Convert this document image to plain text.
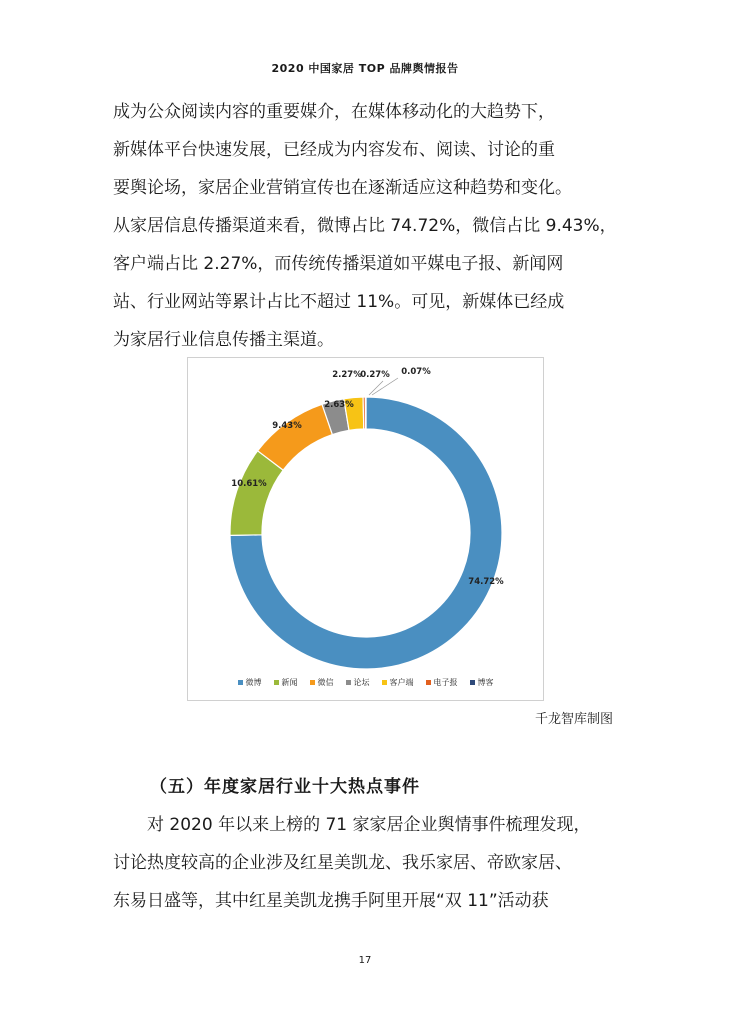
2020 中国家居 TOP 品牌舆情报告
成为公众阅读内容的重要媒介，在媒体移动化的大趋势下，
新媒体平台快速发展，已经成为内容发布、阅读、讨论的重
要舆论场，家居企业营销宣传也在逐渐适应这种趋势和变化。
从家居信息传播渠道来看，微博占比 74.72%，微信占比 9.43%，
客户端占比 2.27%，而传统传播渠道如平媒电子报、新闻网
站、行业网站等累计占比不超过 11%。可见，新媒体已经成
为家居行业信息传播主渠道。
74.72%
10.61%
9.43%
2.63%
2.27%
0.27% 0.07%
微博	新闻	微信	论坛	客户端	电子报	博客
千龙智库制图
（五）年度家居行业十大热点事件
对 2020 年以来上榜的 71 家家居企业舆情事件梳理发现，
讨论热度较高的企业涉及红星美凯龙、我乐家居、帝欧家居、
东易日盛等，其中红星美凯龙携手阿里开展“双 11”活动获
17
